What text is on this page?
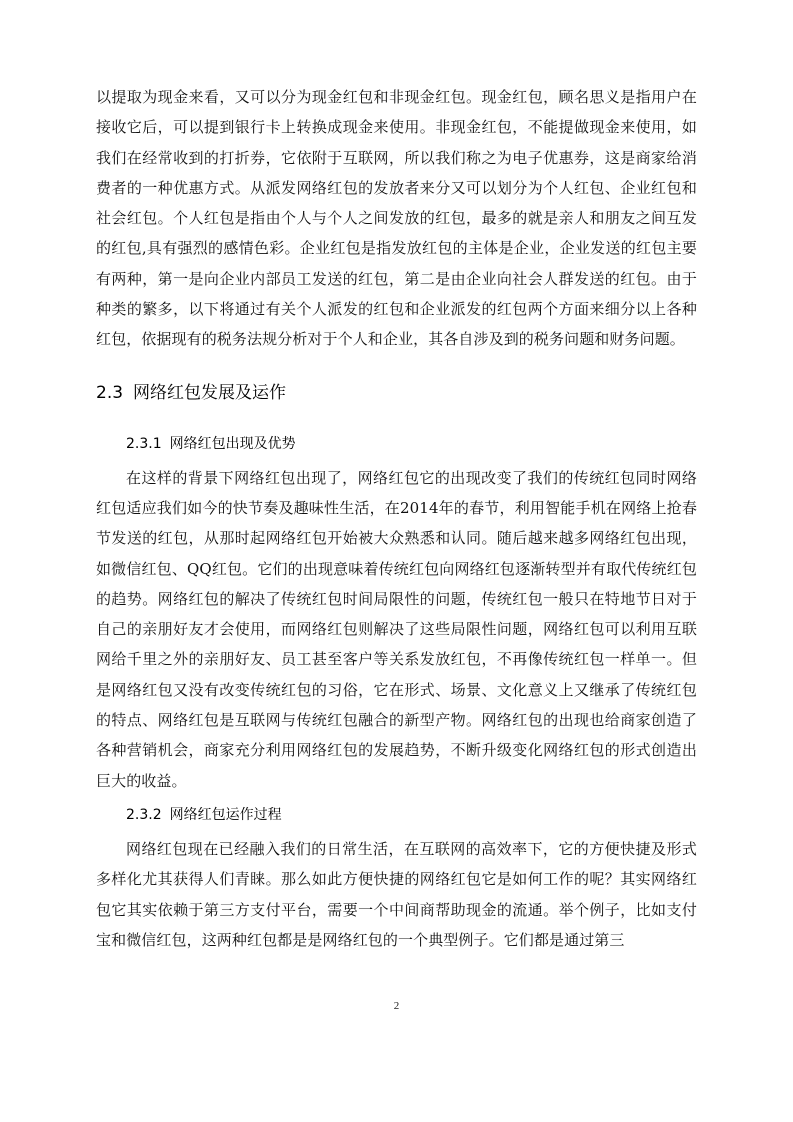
以提取为现金来看，又可以分为现金红包和非现金红包。现金红包，顾名思义是指用户在接收它后，可以提到银行卡上转换成现金来使用。非现金红包，不能提做现金来使用，如我们在经常收到的打折券，它依附于互联网，所以我们称之为电子优惠券，这是商家给消费者的一种优惠方式。从派发网络红包的发放者来分又可以划分为个人红包、企业红包和社会红包。个人红包是指由个人与个人之间发放的红包，最多的就是亲人和朋友之间互发的红包,具有强烈的感情色彩。企业红包是指发放红包的主体是企业，企业发送的红包主要有两种，第一是向企业内部员工发送的红包，第二是由企业向社会人群发送的红包。由于种类的繁多，以下将通过有关个人派发的红包和企业派发的红包两个方面来细分以上各种红包，依据现有的税务法规分析对于个人和企业，其各自涉及到的税务问题和财务问题。

2.3 网络红包发展及运作
2.3.1 网络红包出现及优势

在这样的背景下网络红包出现了，网络红包它的出现改变了我们的传统红包同时网络红包适应我们如今的快节奏及趣味性生活，在2014年的春节，利用智能手机在网络上抢春节发送的红包，从那时起网络红包开始被大众熟悉和认同。随后越来越多网络红包出现，如微信红包、QQ红包。它们的出现意味着传统红包向网络红包逐渐转型并有取代传统红包的趋势。网络红包的解决了传统红包时间局限性的问题，传统红包一般只在特地节日对于自己的亲朋好友才会使用，而网络红包则解决了这些局限性问题，网络红包可以利用互联网给千里之外的亲朋好友、员工甚至客户等关系发放红包，不再像传统红包一样单一。但是网络红包又没有改变传统红包的习俗，它在形式、场景、文化意义上又继承了传统红包的特点、网络红包是互联网与传统红包融合的新型产物。网络红包的出现也给商家创造了各种营销机会，商家充分利用网络红包的发展趋势，不断升级变化网络红包的形式创造出巨大的收益。

2.3.2 网络红包运作过程

网络红包现在已经融入我们的日常生活，在互联网的高效率下，它的方便快捷及形式多样化尤其获得人们青睐。那么如此方便快捷的网络红包它是如何工作的呢？其实网络红包它其实依赖于第三方支付平台，需要一个中间商帮助现金的流通。举个例子，比如支付宝和微信红包，这两种红包都是是网络红包的一个典型例子。它们都是通过第三

2
